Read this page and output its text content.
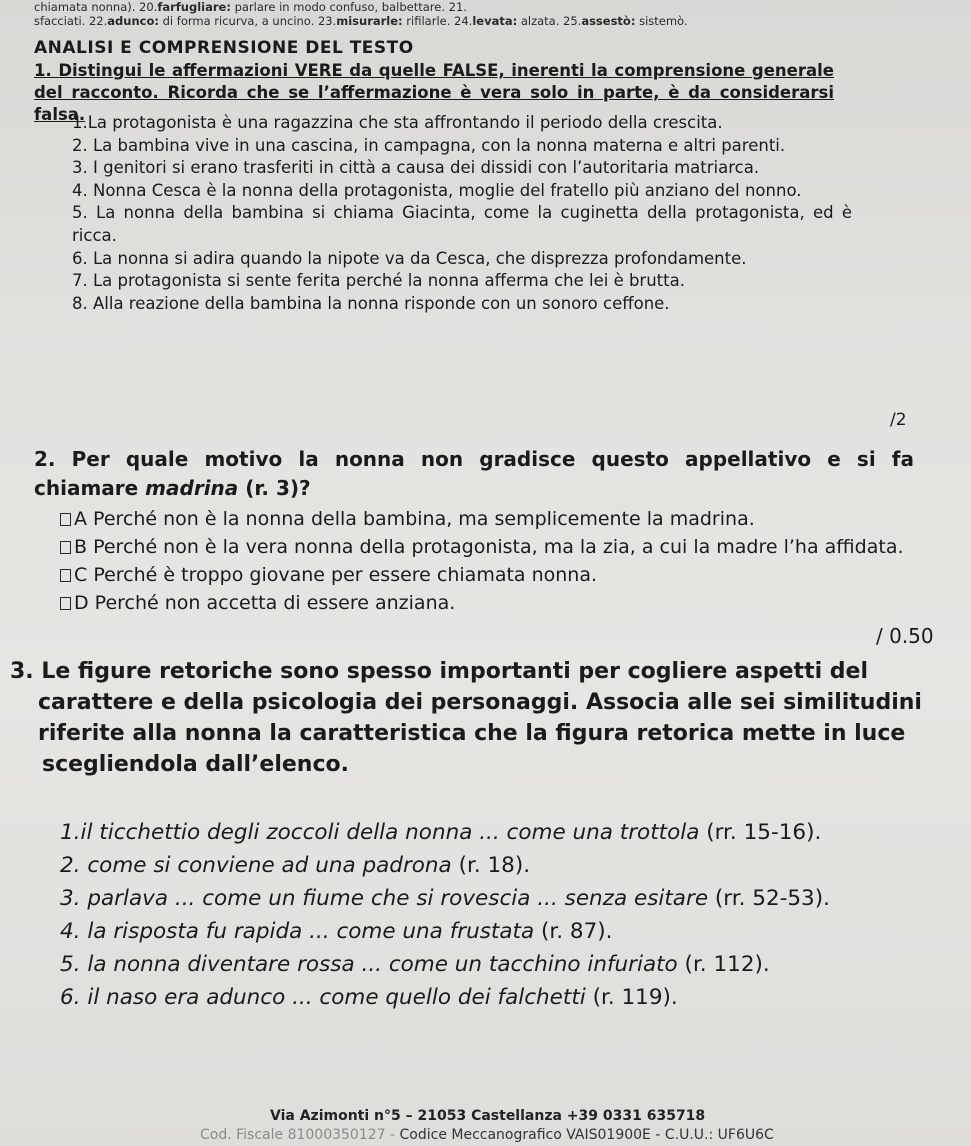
chiamata nonna). 20.farfugliare: parlare in modo confuso, balbettare. 21.
sfacciati. 22.adunco: di forma ricurva, a uncino. 23.misurarle: rifilarle. 24.levata: alzata. 25.assestò: sistemò.
ANALISI E COMPRENSIONE DEL TESTO
1. Distingui le affermazioni VERE da quelle FALSE, inerenti la comprensione generale del racconto. Ricorda che se l’affermazione è vera solo in parte, è da considerarsi falsa.
1.La protagonista è una ragazzina che sta affrontando il periodo della crescita.
2. La bambina vive in una cascina, in campagna, con la nonna materna e altri parenti.
3. I genitori si erano trasferiti in città a causa dei dissidi con l’autoritaria matriarca.
4. Nonna Cesca è la nonna della protagonista, moglie del fratello più anziano del nonno.
5. La nonna della bambina si chiama Giacinta, come la cuginetta della protagonista, ed è ricca.
6. La nonna si adira quando la nipote va da Cesca, che disprezza profondamente.
7. La protagonista si sente ferita perché la nonna afferma che lei è brutta.
8. Alla reazione della bambina la nonna risponde con un sonoro ceffone.
/2
2. Per quale motivo la nonna non gradisce questo appellativo e si fa
chiamare madrina (r. 3)?
A Perché non è la nonna della bambina, ma semplicemente la madrina.
B Perché non è la vera nonna della protagonista, ma la zia, a cui la madre l’ha affidata.
C Perché è troppo giovane per essere chiamata nonna.
D Perché non accetta di essere anziana.
/ 0.50
3. Le figure retoriche sono spesso importanti per cogliere aspetti del
carattere e della psicologia dei personaggi. Associa alle sei similitudini
riferite alla nonna la caratteristica che la figura retorica mette in luce
scegliendola dall’elenco.
1.il ticchettio degli zoccoli della nonna ... come una trottola (rr. 15-16).
2. come si conviene ad una padrona (r. 18).
3. parlava ... come un fiume che si rovescia ... senza esitare (rr. 52-53).
4. la risposta fu rapida ... come una frustata (r. 87).
5. la nonna diventare rossa ... come un tacchino infuriato (r. 112).
6. il naso era adunco ... come quello dei falchetti (r. 119).
Via Azimonti n°5 – 21053 Castellanza +39 0331 635718
Cod. Fiscale 81000350127 - Codice Meccanografico VAIS01900E - C.U.U.: UF6U6C
